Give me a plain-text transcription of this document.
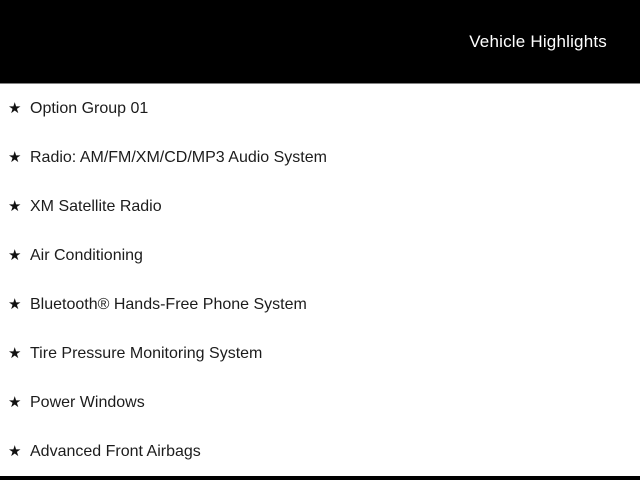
Vehicle Highlights
★ Option Group 01
★ Radio: AM/FM/XM/CD/MP3 Audio System
★ XM Satellite Radio
★ Air Conditioning
★ Bluetooth® Hands-Free Phone System
★ Tire Pressure Monitoring System
★ Power Windows
★ Advanced Front Airbags
